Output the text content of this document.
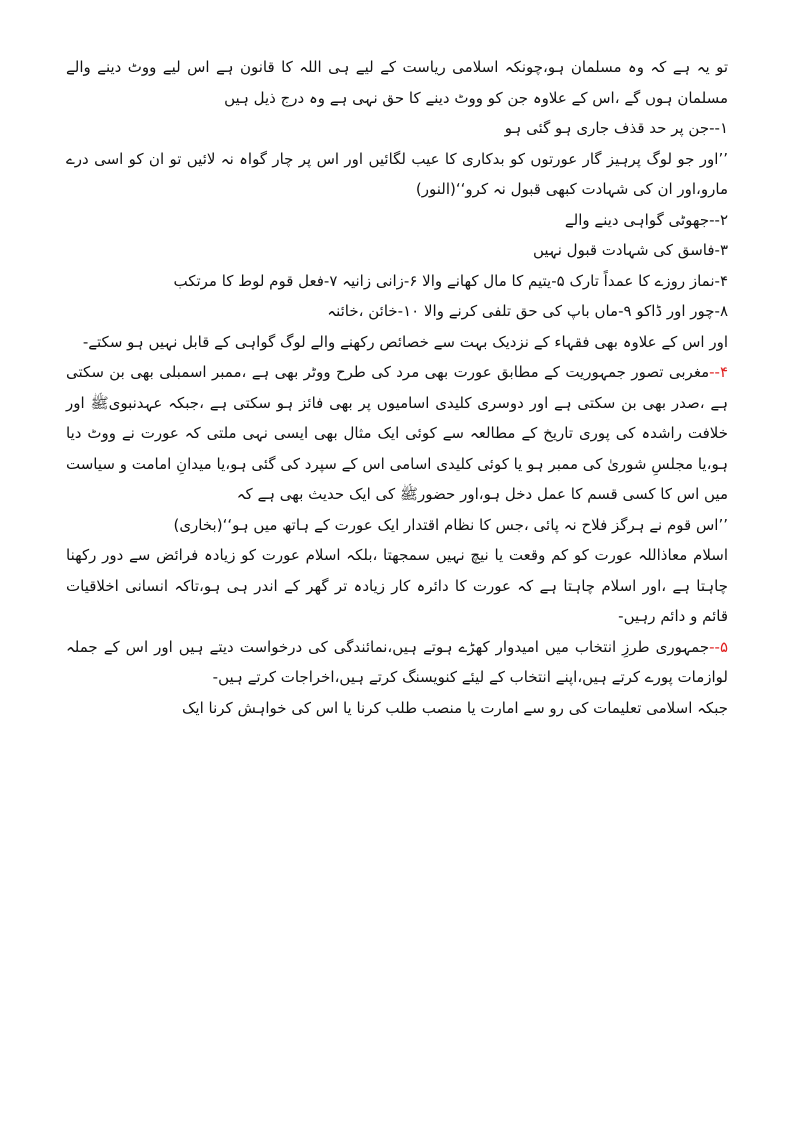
تو یہ ہے کہ وہ مسلمان ہو،چونکہ اسلامی ریاست کے لیے ہی اللہ کا قانون ہے اس لیے ووٹ دینے والے مسلمان ہوں گے ،اس کے علاوہ جن کو ووٹ دینے کا حق نہی ہے وہ درج ذیل ہیں

۱--جن پر حد قذف جاری ہو گئی ہو

’’اور جو لوگ پرہیز گار عورتوں کو بدکاری کا عیب لگائیں اور اس پر چار گواہ نہ لائیں تو ان کو اسی درے مارو،اور ان کی شہادت کبھی قبول نہ کرو‘‘(النور)

۲--جھوٹی گواہی دینے والے

۳-فاسق کی شہادت قبول نہیں

۴-نماز روزے کا عمداً تارک ۵-یتیم کا مال کھانے والا ۶-زانی زانیہ ۷-فعل قوم لوط کا مرتکب

۸-چور اور ڈاکو ۹-ماں باپ کی حق تلفی کرنے والا ۱۰-خائن ،خائنہ

اور اس کے علاوہ بھی فقہاء کے نزدیک بہت سے خصائص رکھنے والے لوگ گواہی کے قابل نہیں ہو سکتے-

۴--مغربی تصور جمہوریت کے مطابق عورت بھی مرد کی طرح ووٹر بھی ہے ،ممبر اسمبلی بھی بن سکتی ہے ،صدر بھی بن سکتی ہے اور دوسری کلیدی اسامیوں پر بھی فائز ہو سکتی ہے ،جبکہ عہدنبویﷺ اور خلافت راشدہ کی پوری تاریخ کے مطالعہ سے کوئی ایک مثال بھی ایسی نہی ملتی کہ عورت نے ووٹ دیا ہو،یا مجلسِ شوریٰ کی ممبر ہو یا کوئی کلیدی اسامی اس کے سپرد کی گئی ہو،یا میدانِ امامت و سیاست میں اس کا کسی قسم کا عمل دخل ہو،اور حضورﷺ کی ایک حدیث بھی ہے کہ

’’اس قوم نے ہرگز فلاح نہ پائی ،جس کا نظام اقتدار ایک عورت کے ہاتھ میں ہو‘‘(بخاری)

اسلام معاذاللہ عورت کو کم وقعت یا نیچ نہیں سمجھتا ،بلکہ اسلام عورت کو زیادہ فرائض سے دور رکھنا چاہتا ہے ،اور اسلام چاہتا ہے کہ عورت کا دائرہ کار زیادہ تر گھر کے اندر ہی ہو،تاکہ انسانی اخلاقیات قائم و دائم رہیں-

۵--جمہوری طرزِ انتخاب میں امیدوار کھڑے ہوتے ہیں،نمائندگی کی درخواست دیتے ہیں اور اس کے جملہ لوازمات پورے کرتے ہیں،اپنے انتخاب کے لیئے کنویسنگ کرتے ہیں،اخراجات کرتے ہیں-

جبکہ اسلامی تعلیمات کی رو سے امارت یا منصب طلب کرنا یا اس کی خواہش کرنا ایک
